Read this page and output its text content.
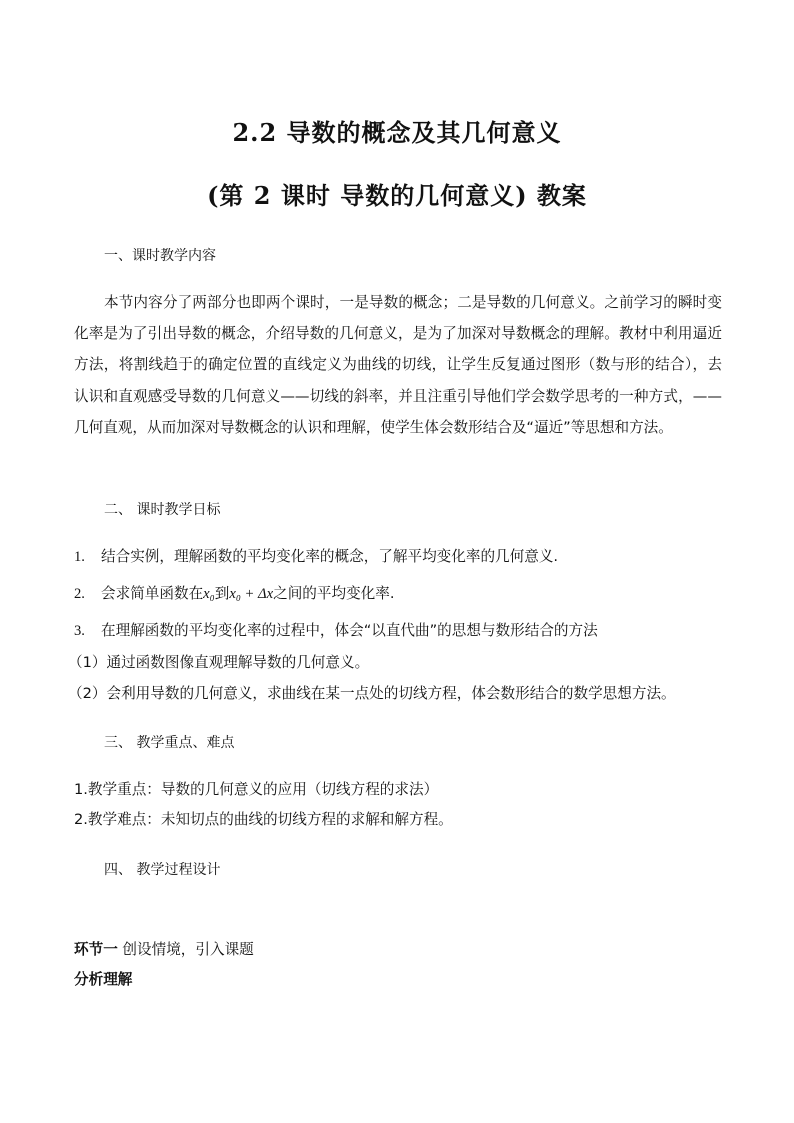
2.2 导数的概念及其几何意义
(第 2 课时 导数的几何意义) 教案
一、课时教学内容
本节内容分了两部分也即两个课时，一是导数的概念；二是导数的几何意义。之前学习的瞬时变化率是为了引出导数的概念，介绍导数的几何意义，是为了加深对导数概念的理解。教材中利用逼近方法，将割线趋于的确定位置的直线定义为曲线的切线，让学生反复通过图形（数与形的结合），去认识和直观感受导数的几何意义——切线的斜率，并且注重引导他们学会数学思考的一种方式，——几何直观，从而加深对导数概念的认识和理解，使学生体会数形结合及“逼近”等思想和方法。
二、 课时教学日标
1. 结合实例，理解函数的平均变化率的概念，了解平均变化率的几何意义.
2. 会求简单函数在x₀到x₀ + Δx之间的平均变化率.
3. 在理解函数的平均变化率的过程中，体会“以直代曲”的思想与数形结合的方法
（1）通过函数图像直观理解导数的几何意义。
（2）会利用导数的几何意义，求曲线在某一点处的切线方程，体会数形结合的数学思想方法。
三、 教学重点、难点
1.教学重点：导数的几何意义的应用（切线方程的求法）
2.教学难点：未知切点的曲线的切线方程的求解和解方程。
四、 教学过程设计
环节一 创设情境，引入课题
分析理解
